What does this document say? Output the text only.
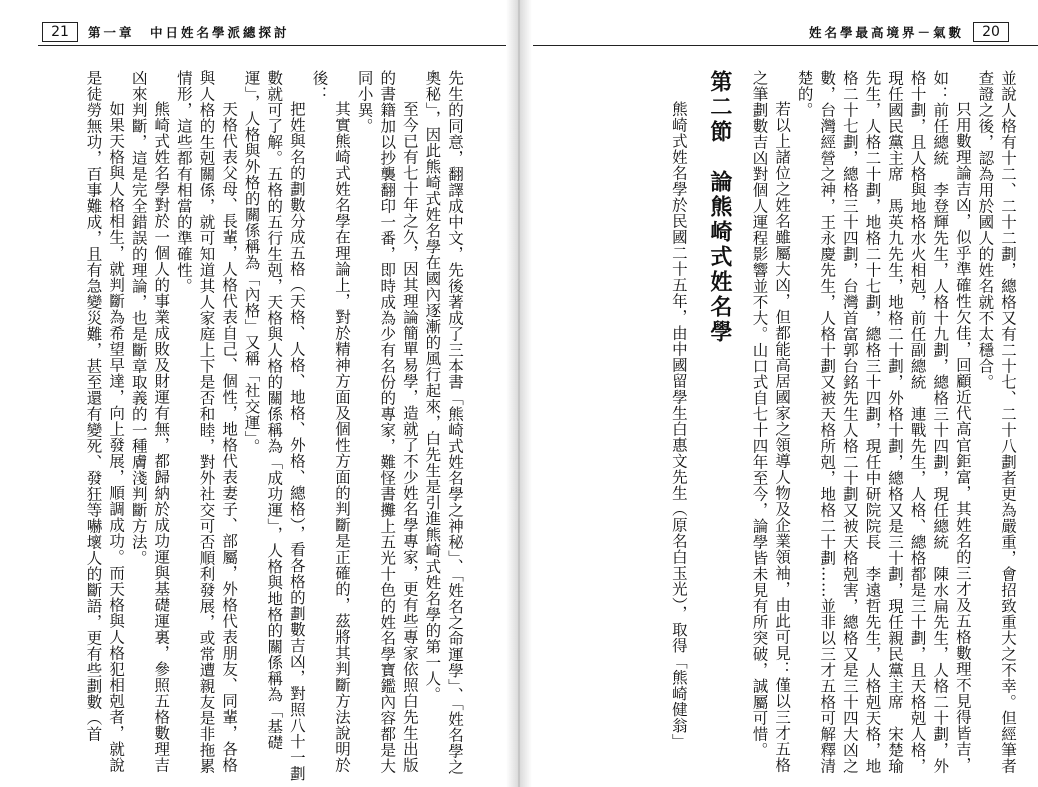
21	第一章　中日姓名學派總探討
先生的同意，翻譯成中文，先後著成了三本書「熊崎式姓名學之神秘」、「姓名之命運學」、「姓名學之奧秘」，因此熊崎式姓名學在國內逐漸的風行起來，白先生是引進熊崎式姓名學的第一人。
至今已有七十年之久，因其理論簡單易學，造就了不少姓名學專家，更有些專家依照白先生出版的書籍加以抄襲翻印一番，即時成為少有名份的專家，難怪書攤上五光十色的姓名學寶鑑內容都是大同小異。
其實熊崎式姓名學在理論上，對於精神方面及個性方面的判斷是正確的，茲將其判斷方法說明於後：
把姓與名的劃數分成五格（天格、人格、地格、外格、總格），看各格的劃數吉凶，對照八十一劃數就可了解。五格的五行生剋，天格與人格的關係稱為「成功運」，人格與地格的關係稱為「基礎運」，人格與外格的關係稱為「內格」又稱「社交運」。
天格代表父母、長輩，人格代表自己、個性，地格代表妻子、部屬，外格代表朋友、同輩，各格與人格的生剋關係，就可知道其人家庭上下是否和睦，對外社交可否順利發展，或常遭親友是非拖累情形，這些都有相當的準確性。
熊崎式姓名學對於一個人的事業成敗及財運有無，都歸納於成功運與基礎運裏，參照五格數理吉凶來判斷，這是完全錯誤的理論，也是斷章取義的一種膚淺判斷方法。
如果天格與人格相生，就判斷為希望早達，向上發展，順調成功。而天格與人格犯相剋者，就說是徒勞無功，百事難成，且有急變災難，甚至還有變死、發狂等嚇壞人的斷語，更有些劃數（首
姓名學最高境界－氣數	20
並說人格有十二、二十二劃，總格又有二十七、二十八劃者更為嚴重，會招致重大之不幸。但經筆者查證之後，認為用於國人的姓名就不太穩合。
只用數理論吉凶，似乎準確性欠佳，回顧近代高官鉅富，其姓名的三才及五格數理不見得皆吉，如：前任總統　李登輝先生，人格十九劃，總格三十四劃，現任總統　陳水扁先生，人格二十劃，外格十劃，且人格與地格水火相剋，前任副總統　連戰先生，人格、總格都是三十劃，且天格剋人格，現任國民黨主席　馬英九先生，地格二十劃，外格十劃，總格又是三十劃，現任親民黨主席　宋楚瑜先生，人格二十劃，地格二十七劃，總格三十四劃，現任中研院院長　李遠哲先生，人格剋天格，地格二十七劃，總格三十四劃，台灣首富郭台銘先生人格二十劃又被天格剋害，總格又是三十四大凶之數，台灣經營之神，王永慶先生，人格十劃又被天格所剋，地格二十劃……並非以三才五格可解釋清楚的。
若以上諸位之姓名雖屬大凶，但都能高居國家之領導人物及企業領袖，由此可見：僅以三才五格之筆劃數吉凶對個人運程影響並不大。山口式自七十四年至今，論學皆未見有所突破，誠屬可惜。
第二節　論熊崎式姓名學
熊崎式姓名學於民國二十五年，由中國留學生白惠文先生（原名白玉光），取得「熊崎健翁」
